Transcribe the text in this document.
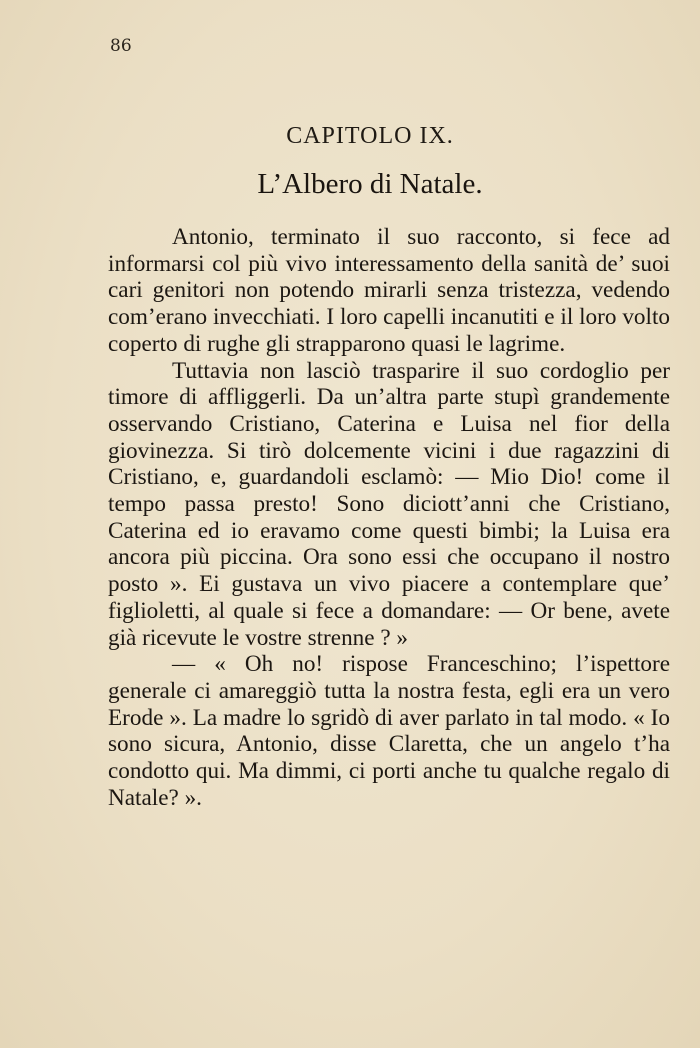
86
CAPITOLO IX.
L’Albero di Natale.

Antonio, terminato il suo racconto, si fece ad informarsi col più vivo interessamento della sanità de’ suoi cari genitori non potendo mirarli senza tristezza, vedendo com’erano invecchiati. I loro capelli incanutiti e il loro volto coperto di rughe gli strapparono quasi le lagrime.

Tuttavia non lasciò trasparire il suo cordoglio per timore di affliggerli. Da un’altra parte stupì grandemente osservando Cristiano, Caterina e Luisa nel fior della giovinezza. Si tirò dolcemente vicini i due ragazzini di Cristiano, e, guardandoli esclamò: — Mio Dio! come il tempo passa presto! Sono diciott’anni che Cristiano, Caterina ed io eravamo come questi bimbi; la Luisa era ancora più piccina. Ora sono essi che occupano il nostro posto ». Ei gustava un vivo piacere a contemplare que’ figlioletti, al quale si fece a domandare: — Or bene, avete già ricevute le vostre strenne ? »

— « Oh no! rispose Franceschino; l’ispettore generale ci amareggiò tutta la nostra festa, egli era un vero Erode ». La madre lo sgridò di aver parlato in tal modo. « Io sono sicura, Antonio, disse Claretta, che un angelo t’ha condotto qui. Ma dimmi, ci porti anche tu qualche regalo di Natale? ».
